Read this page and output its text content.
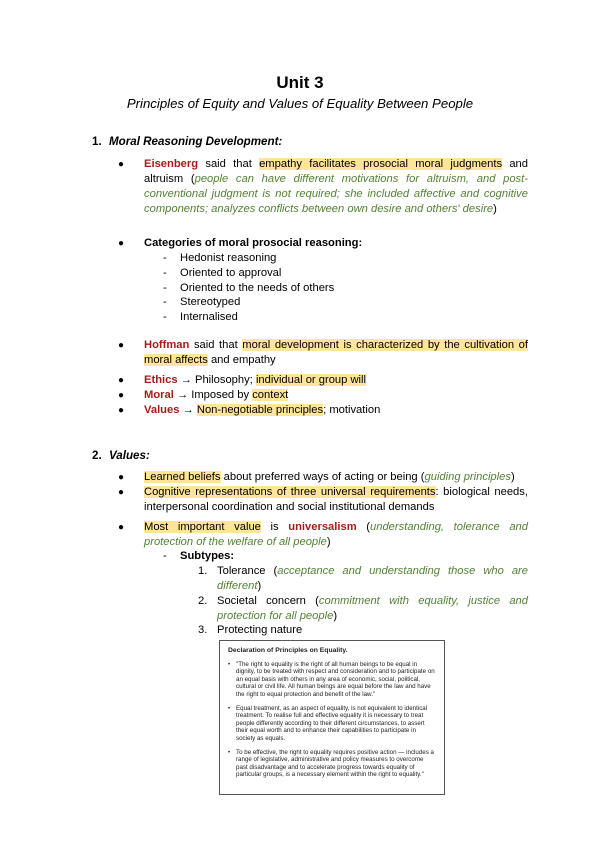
Unit 3
Principles of Equity and Values of Equality Between People
1. Moral Reasoning Development:
● Eisenberg said that empathy facilitates prosocial moral judgments and altruism (people can have different motivations for altruism, and post-conventional judgment is not required; she included affective and cognitive components; analyzes conflicts between own desire and others' desire)
● Categories of moral prosocial reasoning:
- Hedonist reasoning
- Oriented to approval
- Oriented to the needs of others
- Stereotyped
- Internalised
● Hoffman said that moral development is characterized by the cultivation of moral affects and empathy
● Ethics → Philosophy; individual or group will
● Moral → Imposed by context
● Values → Non-negotiable principles; motivation
2. Values:
● Learned beliefs about preferred ways of acting or being (guiding principles)
● Cognitive representations of three universal requirements: biological needs, interpersonal coordination and social institutional demands
● Most important value is universalism (understanding, tolerance and protection of the welfare of all people)
- Subtypes:
1. Tolerance (acceptance and understanding those who are different)
2. Societal concern (commitment with equality, justice and protection for all people)
3. Protecting nature
Declaration of Principles on Equality.
• "The right to equality is the right of all human beings to be equal in dignity, to be treated with respect and consideration and to participate on an equal basis with others in any area of economic, social, political, cultural or civil life. All human beings are equal before the law and have the right to equal protection and benefit of the law."
• Equal treatment, as an aspect of equality, is not equivalent to identical treatment. To realise full and effective equality it is necessary to treat people differently according to their different circumstances, to assert their equal worth and to enhance their capabilities to participate in society as equals.
• To be effective, the right to equality requires positive action — includes a range of legislative, administrative and policy measures to overcome past disadvantage and to accelerate progress towards equality of particular groups, is a necessary element within the right to equality."
